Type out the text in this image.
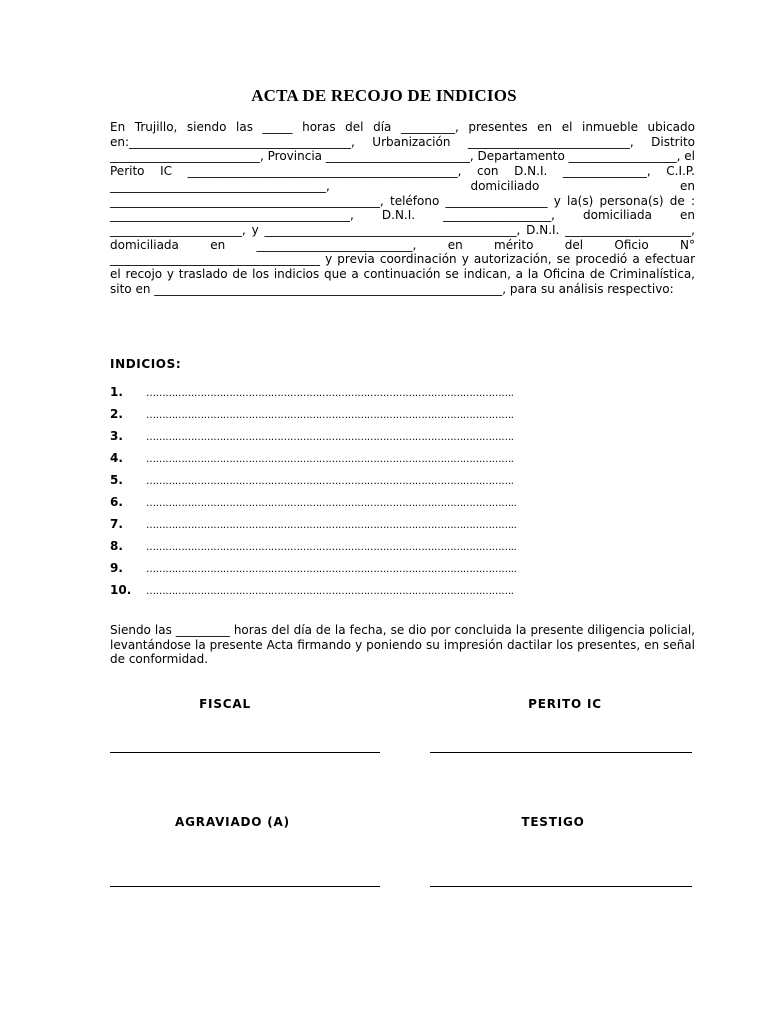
ACTA DE RECOJO DE INDICIOS

En Trujillo, siendo las _____ horas del día _________, presentes en el inmueble ubicado en:_____________________________________, Urbanización ___________________________, Distrito _________________________, Provincia ________________________, Departamento __________________, el Perito IC _____________________________________________, con D.N.I. ______________, C.I.P. ____________________________________, domiciliado en _____________________________________________, teléfono _________________ y la(s) persona(s) de : ________________________________________, D.N.I. __________________, domiciliada en ______________________, y __________________________________________, D.N.I. _____________________, domiciliada en __________________________, en mérito del Oficio N° ___________________________________ y previa coordinación y autorización, se procedió a efectuar el recojo y traslado de los indicios que a continuación se indican, a la Oficina de Criminalística, sito en __________________________________________________________, para su análisis respectivo:

INDICIOS:
1.	…………………………………………………………………………………………………….
2.	…………………………………………………………………………………………………….
3.	…………………………………………………………………………………………………….
4.	…………………………………………………………………………………………………….
5.	…………………………………………………………………………………………………….
6.	……………………………………………………………………………………………………..
7.	……………………………………………………………………………………………………..
8.	……………………………………………………………………………………………………..
9.	……………………………………………………………………………………………………..
10.	…………………………………………………………………………………………………….

Siendo las _________ horas del día de la fecha, se dio por concluida la presente diligencia policial, levantándose la presente Acta firmando y poniendo su impresión dactilar los presentes, en señal de conformidad.

FISCAL	PERITO IC
AGRAVIADO (A)	TESTIGO
